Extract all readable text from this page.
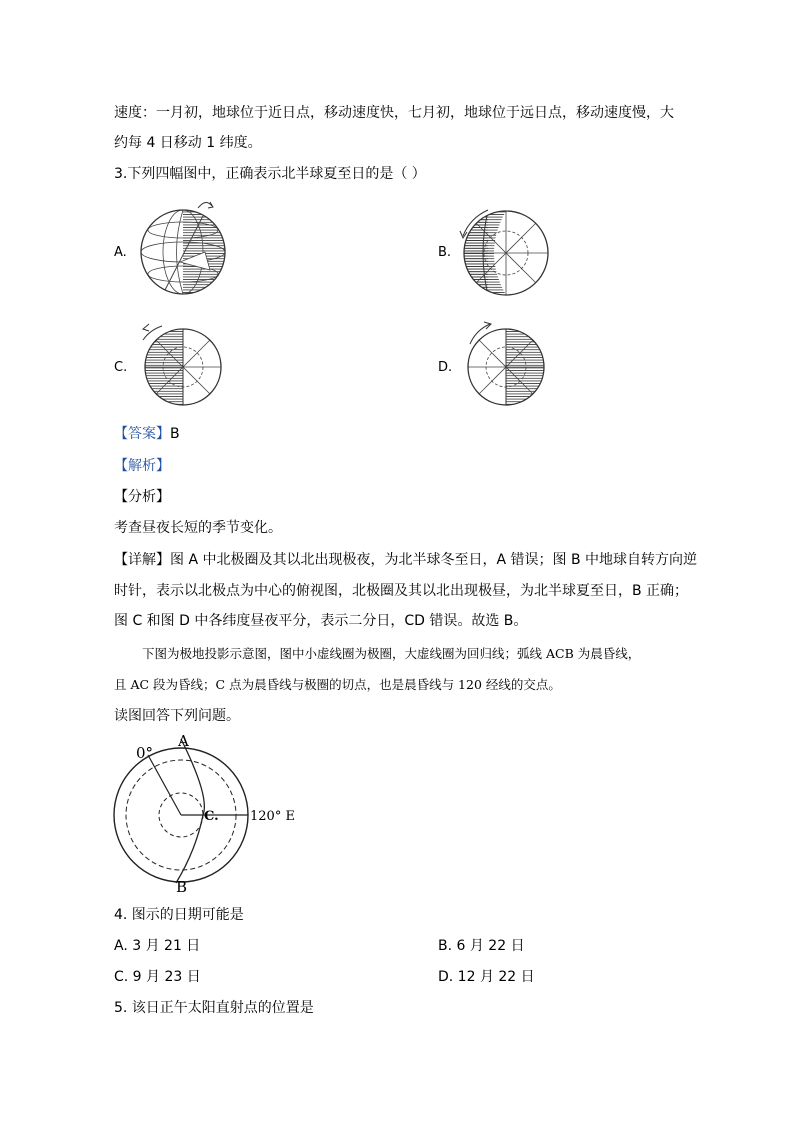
速度：一月初，地球位于近日点，移动速度快，七月初，地球位于远日点，移动速度慢，大
约每 4 日移动 1 纬度。
3.下列四幅图中，正确表示北半球夏至日的是（ ）
A.	B.
C.	D.
【答案】B
【解析】
【分析】
考查昼夜长短的季节变化。
【详解】图 A 中北极圈及其以北出现极夜，为北半球冬至日，A 错误；图 B 中地球自转方向逆
时针，表示以北极点为中心的俯视图，北极圈及其以北出现极昼，为北半球夏至日，B 正确；
图 C 和图 D 中各纬度昼夜平分，表示二分日，CD 错误。故选 B。
下图为极地投影示意图，图中小虚线圈为极圈，大虚线圈为回归线；弧线 ACB 为晨昏线，
且 AC 段为昏线；C 点为晨昏线与极圈的切点，也是晨昏线与 120 经线的交点。
读图回答下列问题。
0°
A
B
C. 120° E
4. 图示的日期可能是
A. 3 月 21 日	B. 6 月 22 日
C. 9 月 23 日	D. 12 月 22 日
5. 该日正午太阳直射点的位置是
